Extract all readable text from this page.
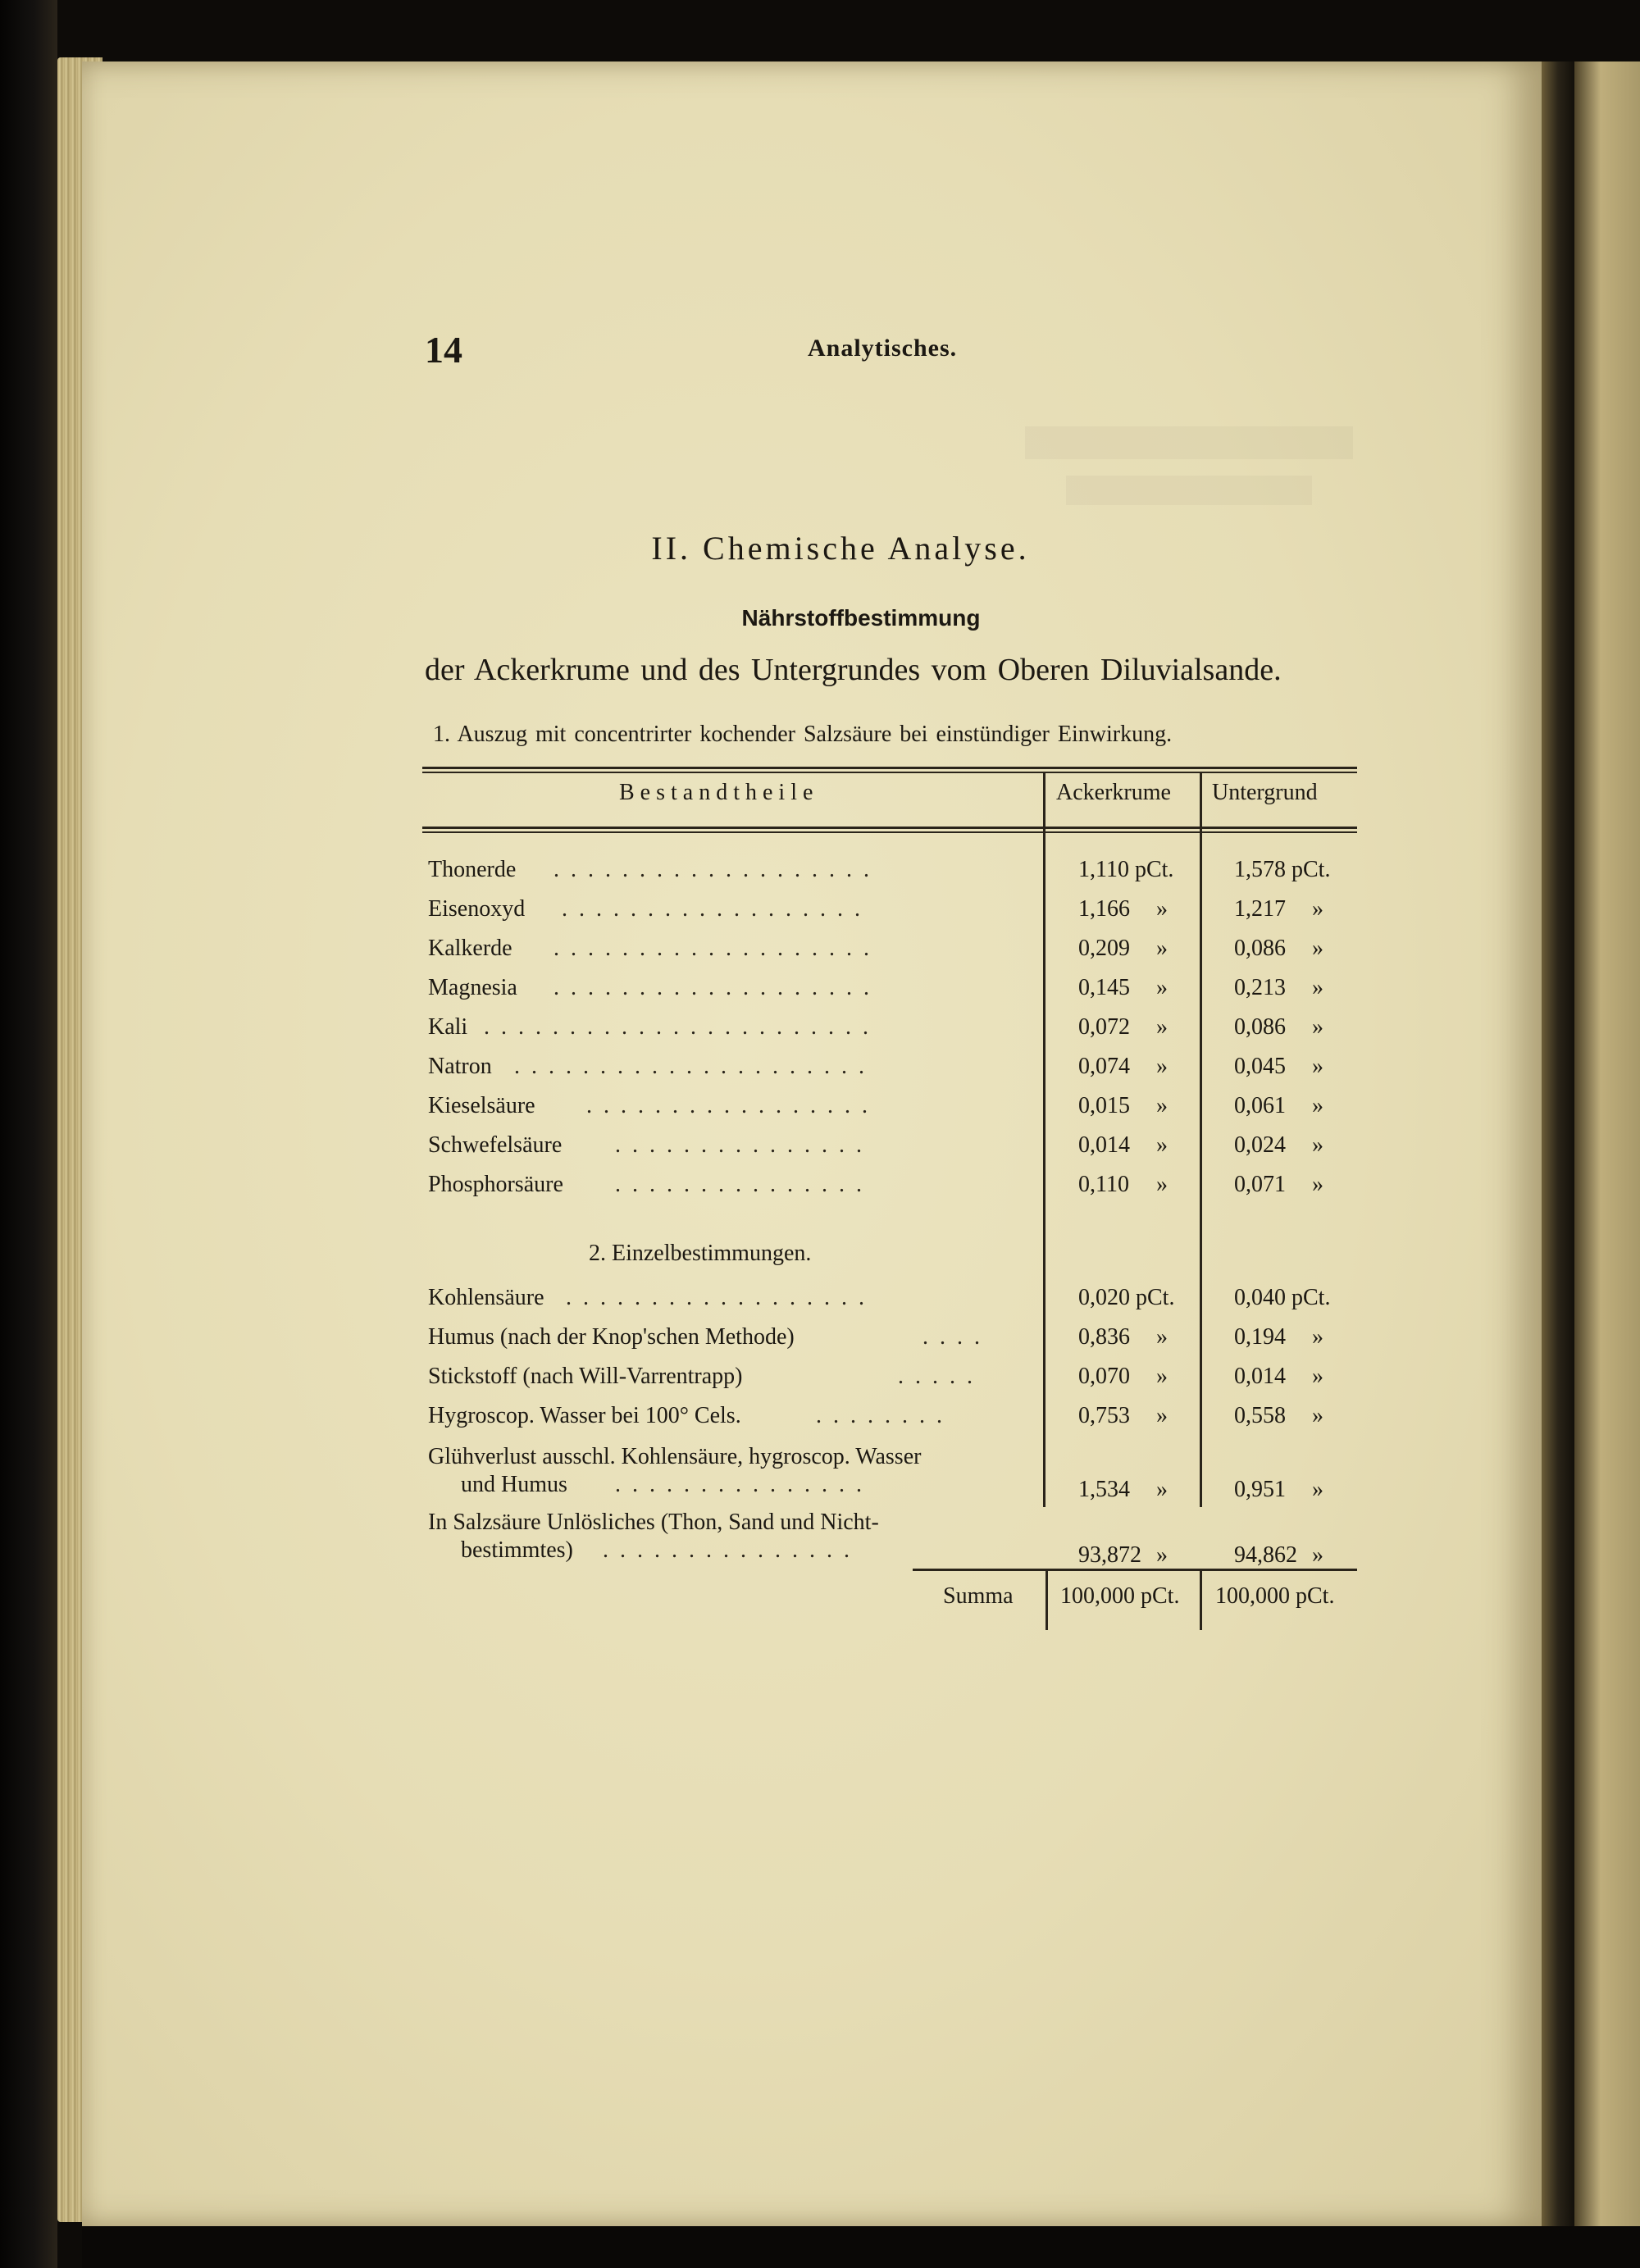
14	Analytisches.
II. Chemische Analyse.
Nährstoffbestimmung
der Ackerkrume und des Untergrundes vom Oberen Diluvialsande.
1. Auszug mit concentrirter kochender Salzsäure bei einstündiger Einwirkung.
Bestandtheile	Ackerkrume Untergrund
Thonerde ...................	1,110 pCt.	1,578 pCt.
Eisenoxyd ..................	1,166 »	1,217 »
Kalkerde ...................	0,209 »	0,086 »
Magnesia ...................	0,145 »	0,213 »
Kali .......................	0,072 »	0,086 »
Natron .....................	0,074 »	0,045 »
Kieselsäure .................	0,015 »	0,061 »
Schwefelsäure ...............	0,014 »	0,024 »
Phosphorsäure ...............	0,110 »	0,071 »
2. Einzelbestimmungen.
Kohlensäure ..................	0,020 pCt.	0,040 pCt.
Humus (nach der Knop'schen Methode)	....	0,836 »	0,194 »
Stickstoff (nach Will-Varrentrapp)	.....	0,070 »	0,014 »
Hygroscop. Wasser bei 100° Cels.	........	0,753 »	0,558 »
Glühverlust ausschl. Kohlensäure, hygroscop. Wasser
und Humus ...............	1,534 »	0,951 »
In Salzsäure Unlösliches (Thon, Sand und Nicht-
bestimmtes) ...............	93,872 »	94,862 »
Summa 100,000 pCt. 100,000 pCt.
